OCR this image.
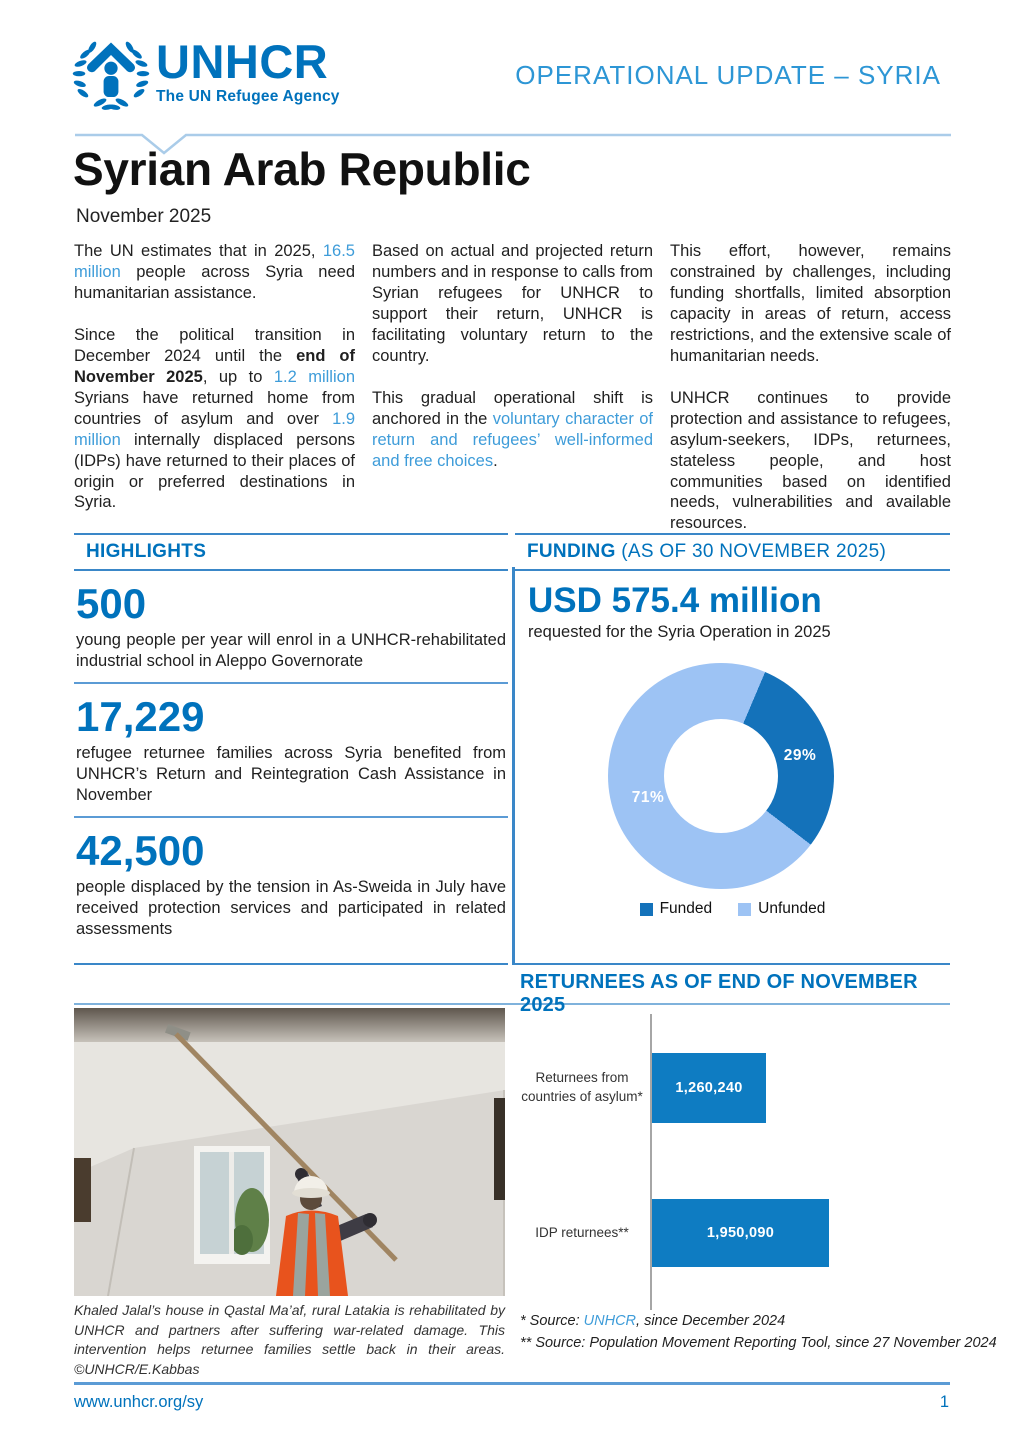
UNHCR
The UN Refugee Agency
OPERATIONAL UPDATE – SYRIA
Syrian Arab Republic
November 2025

The UN estimates that in 2025, 16.5 million people across Syria need humanitarian assistance.

Since the political transition in December 2024 until the end of November 2025, up to 1.2 million Syrians have returned home from countries of asylum and over 1.9 million internally displaced persons (IDPs) have returned to their places of origin or preferred destinations in Syria.

Based on actual and projected return numbers and in response to calls from Syrian refugees for UNHCR to support their return, UNHCR is facilitating voluntary return to the country.

This gradual operational shift is anchored in the voluntary character of return and refugees’ well-informed and free choices.

This effort, however, remains constrained by challenges, including funding shortfalls, limited absorption capacity in areas of return, access restrictions, and the extensive scale of humanitarian needs.

UNHCR continues to provide protection and assistance to refugees, asylum-seekers, IDPs, returnees, stateless people, and host communities based on identified needs, vulnerabilities and available resources.

HIGHLIGHTS
500
young people per year will enrol in a UNHCR-rehabilitated industrial school in Aleppo Governorate
17,229
refugee returnee families across Syria benefited from UNHCR’s Return and Reintegration Cash Assistance in November
42,500
people displaced by the tension in As-Sweida in July have received protection services and participated in related assessments
FUNDING (AS OF 30 NOVEMBER 2025)
USD 575.4 million
requested for the Syria Operation in 2025
29%
71%
Funded	Unfunded
RETURNEES AS OF END OF NOVEMBER 2025
Returnees from countries of asylum*
1,260,240
IDP returnees**	1,950,090
* Source: UNHCR, since December 2024
** Source: Population Movement Reporting Tool, since 27 November 2024
Khaled Jalal’s house in Qastal Ma’af, rural Latakia is rehabilitated by UNHCR and partners after suffering war-related damage. This intervention helps returnee families settle back in their areas. ©UNHCR/E.Kabbas
www.unhcr.org/sy	1
